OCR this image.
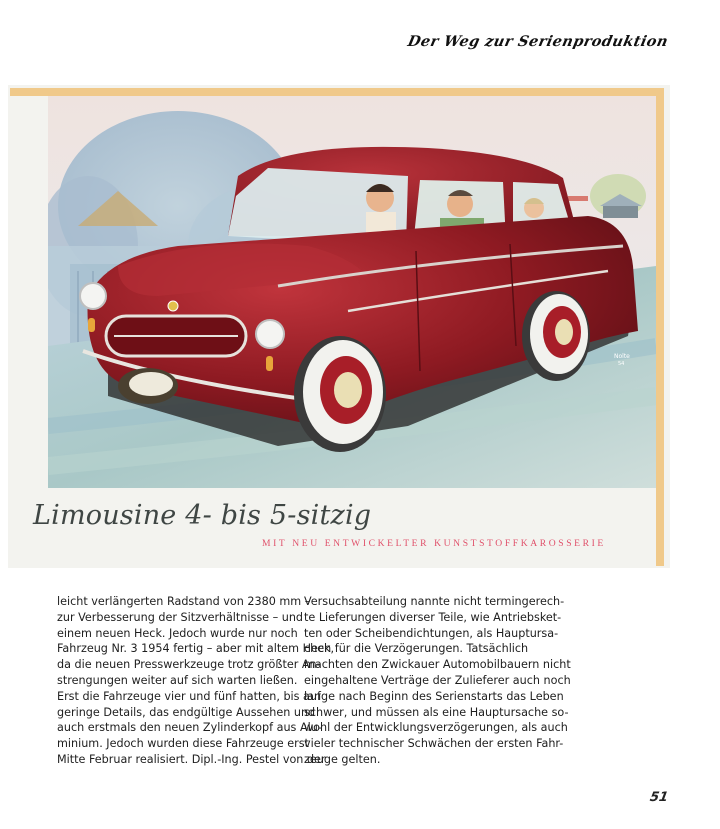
Der Weg zur Serienproduktion
Nolte
54
Limousine 4- bis 5-sitzig
MIT NEU ENTWICKELTER KUNSTSTOFFKAROSSERIE
leicht verlängerten Radstand von 2380 mm –
zur Verbesserung der Sitzverhältnisse – und
einem neuen Heck. Jedoch wurde nur noch
Fahrzeug Nr. 3 1954 fertig – aber mit altem Heck,
da die neuen Presswerkzeuge trotz größter An-
strengungen weiter auf sich warten ließen.
Erst die Fahrzeuge vier und fünf hatten, bis auf
geringe Details, das endgültige Aussehen und
auch erstmals den neuen Zylinderkopf aus Alu-
minium. Jedoch wurden diese Fahrzeuge erst
Mitte Februar realisiert. Dipl.-Ing. Pestel von der
Versuchsabteilung nannte nicht termingerech-
te Lieferungen diverser Teile, wie Antriebsket-
ten oder Scheibendichtungen, als Hauptursa-
chen für die Verzögerungen. Tatsächlich
machten den Zwickauer Automobilbauern nicht
eingehaltene Verträge der Zulieferer auch noch
lange nach Beginn des Serienstarts das Leben
schwer, und müssen als eine Hauptursache so-
wohl der Entwicklungsverzögerungen, als auch
vieler technischer Schwächen der ersten Fahr-
zeuge gelten.
51
